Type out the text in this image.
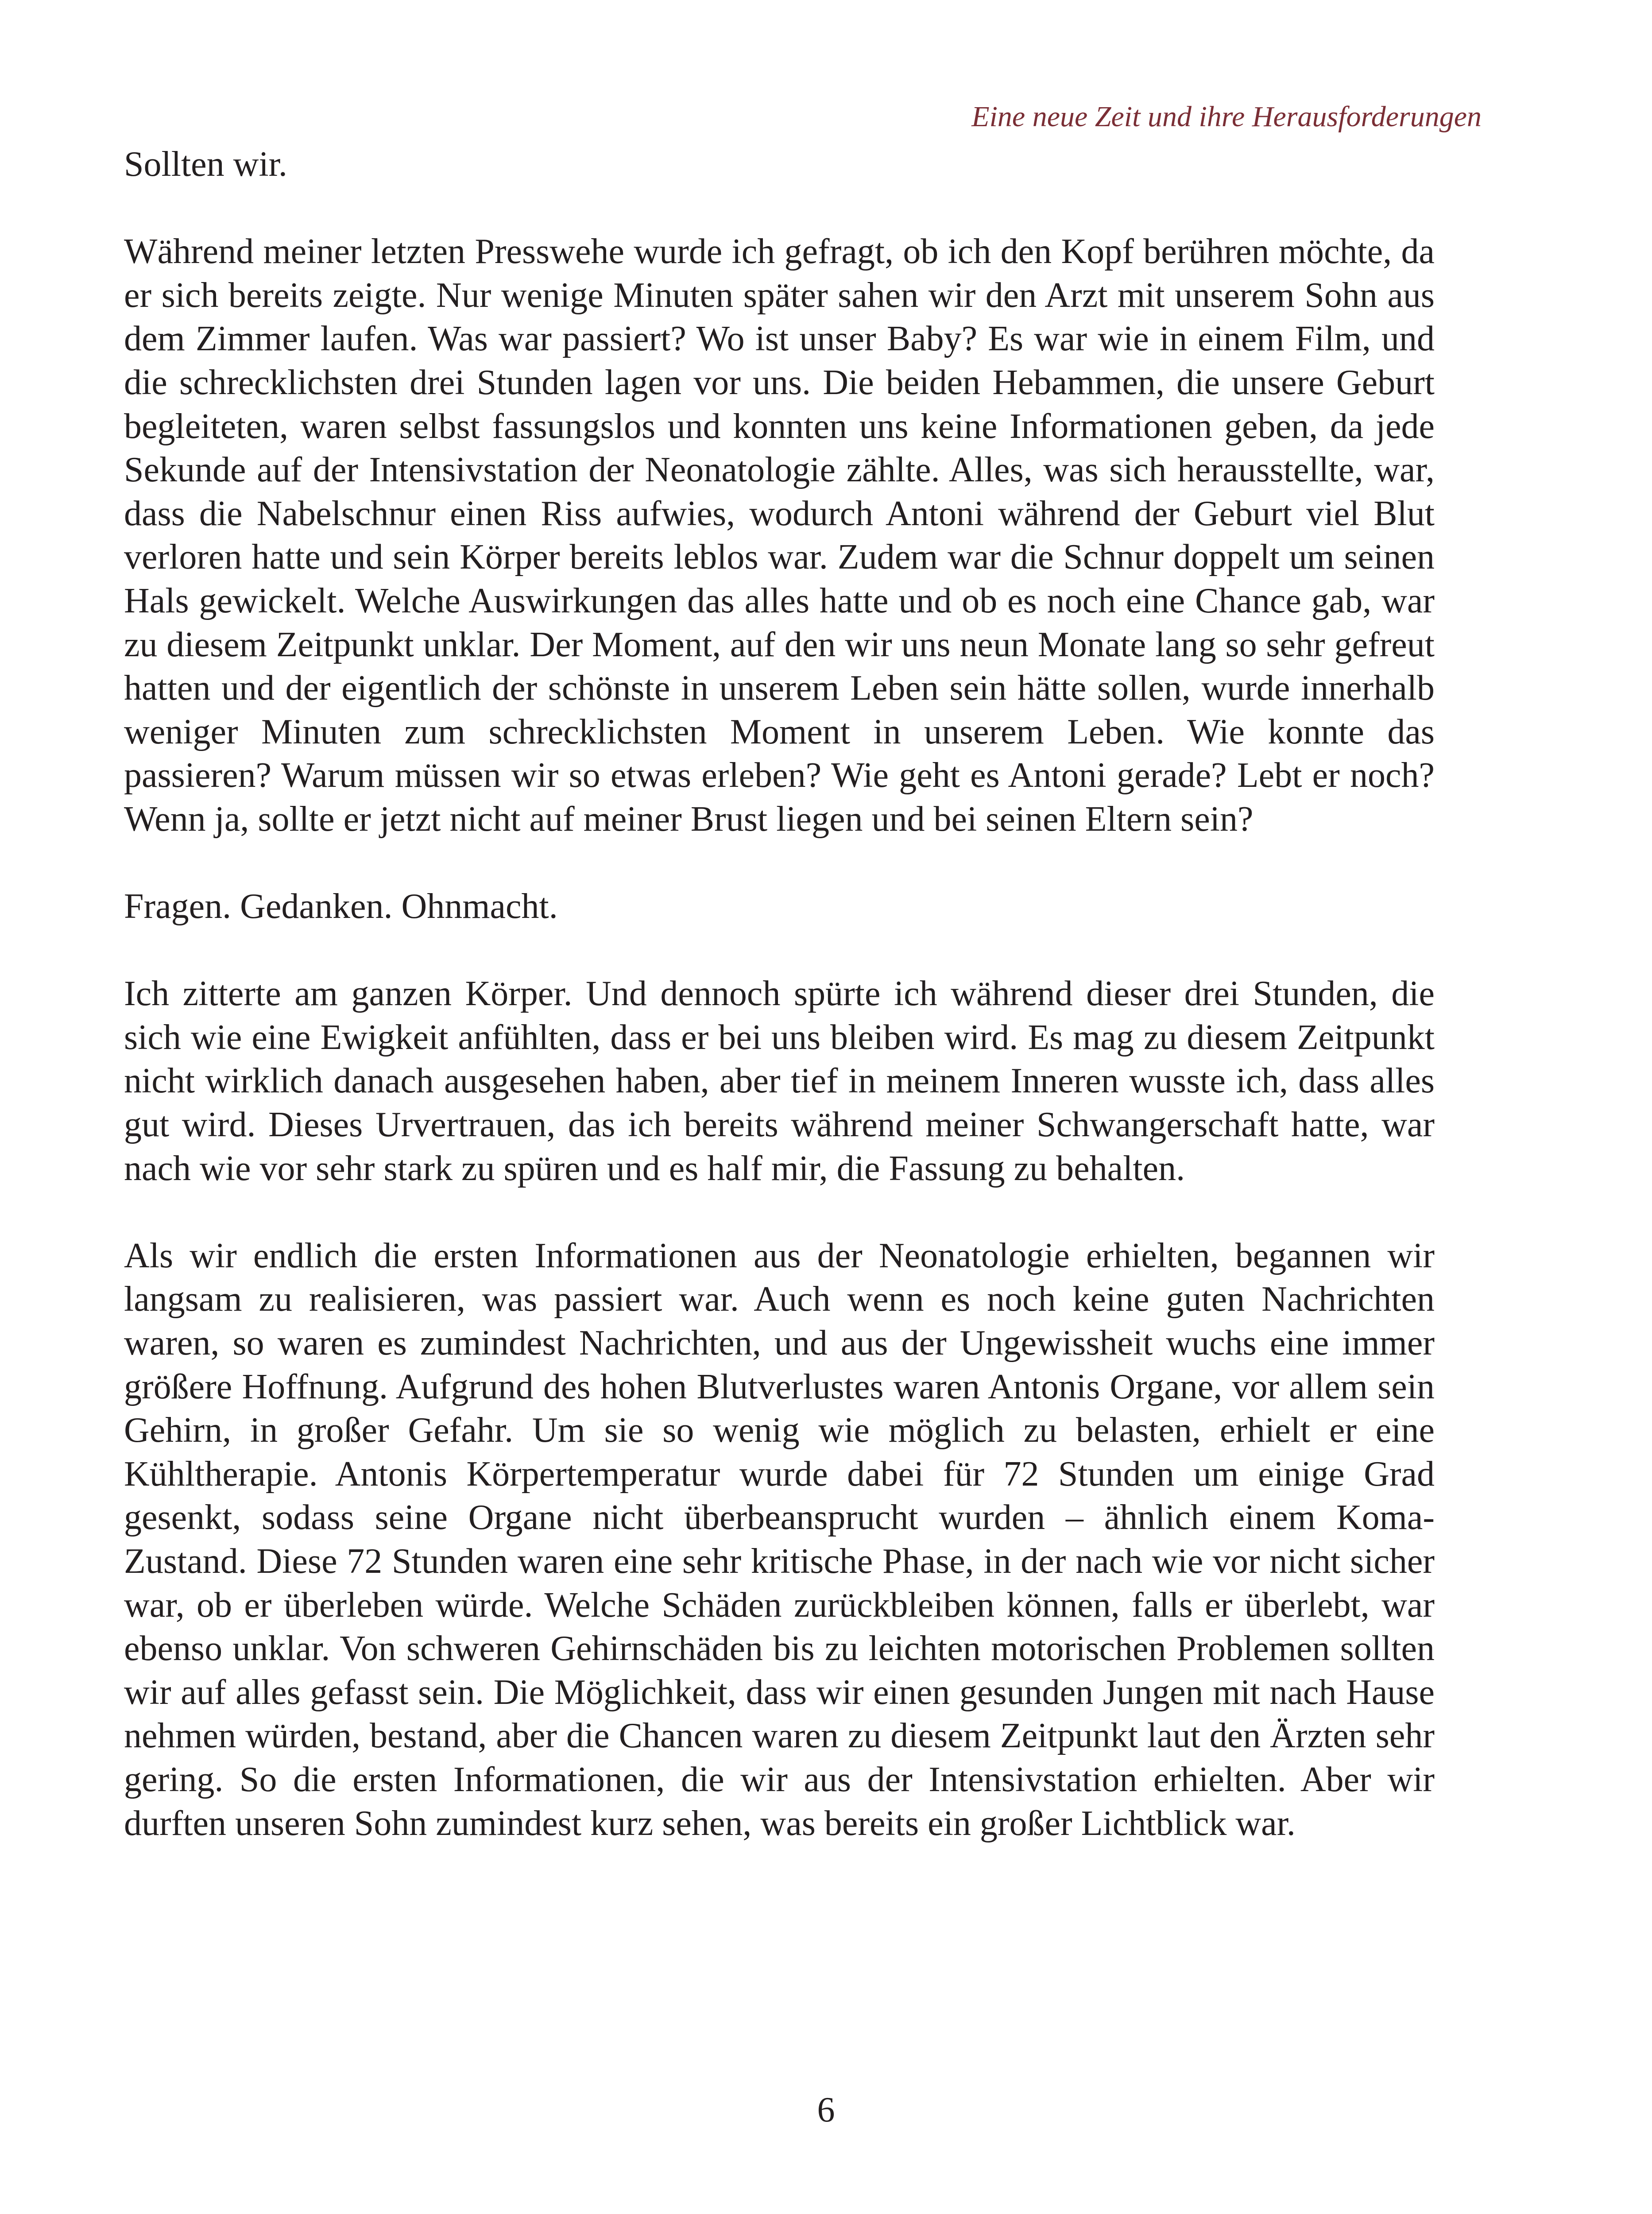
Eine neue Zeit und ihre Herausforderungen

Sollten wir.

Während meiner letzten Presswehe wurde ich gefragt, ob ich den Kopf berühren möchte, da er sich bereits zeigte. Nur wenige Minuten später sahen wir den Arzt mit unserem Sohn aus dem Zimmer laufen. Was war passiert? Wo ist unser Baby? Es war wie in einem Film, und die schrecklichsten drei Stunden lagen vor uns. Die beiden Hebammen, die unsere Geburt begleiteten, waren selbst fassungslos und konnten uns keine Informationen geben, da jede Sekunde auf der Intensivstation der Neonatologie zählte. Alles, was sich herausstellte, war, dass die Nabelschnur einen Riss aufwies, wodurch Antoni während der Geburt viel Blut verloren hatte und sein Körper bereits leblos war. Zudem war die Schnur doppelt um seinen Hals gewickelt. Welche Auswirkungen das alles hatte und ob es noch eine Chance gab, war zu diesem Zeitpunkt unklar. Der Moment, auf den wir uns neun Monate lang so sehr gefreut hatten und der eigentlich der schönste in unserem Leben sein hätte sollen, wurde innerhalb weniger Minuten zum schrecklichsten Moment in unserem Leben. Wie konnte das passieren? Warum müssen wir so etwas erleben? Wie geht es Antoni gerade? Lebt er noch? Wenn ja, sollte er jetzt nicht auf meiner Brust liegen und bei seinen Eltern sein?

Fragen. Gedanken. Ohnmacht.

Ich zitterte am ganzen Körper. Und dennoch spürte ich während dieser drei Stunden, die sich wie eine Ewigkeit anfühlten, dass er bei uns bleiben wird. Es mag zu diesem Zeitpunkt nicht wirklich danach ausgesehen haben, aber tief in meinem Inneren wusste ich, dass alles gut wird. Dieses Urvertrauen, das ich bereits während meiner Schwangerschaft hatte, war nach wie vor sehr stark zu spüren und es half mir, die Fassung zu behalten.

Als wir endlich die ersten Informationen aus der Neonatologie erhielten, begannen wir langsam zu realisieren, was passiert war. Auch wenn es noch keine guten Nachrichten waren, so waren es zumindest Nachrichten, und aus der Ungewissheit wuchs eine immer größere Hoffnung. Aufgrund des hohen Blutverlustes waren Antonis Organe, vor allem sein Gehirn, in großer Gefahr. Um sie so wenig wie möglich zu belasten, erhielt er eine Kühltherapie. Antonis Körpertemperatur wurde dabei für 72 Stunden um einige Grad gesenkt, sodass seine Organe nicht überbeansprucht wurden – ähnlich einem Koma-Zustand. Diese 72 Stunden waren eine sehr kritische Phase, in der nach wie vor nicht sicher war, ob er überleben würde. Welche Schäden zurückbleiben können, falls er überlebt, war ebenso unklar. Von schweren Gehirnschäden bis zu leichten motorischen Problemen sollten wir auf alles gefasst sein. Die Möglichkeit, dass wir einen gesunden Jungen mit nach Hause nehmen würden, bestand, aber die Chancen waren zu diesem Zeitpunkt laut den Ärzten sehr gering. So die ersten Informationen, die wir aus der Intensivstation erhielten. Aber wir durften unseren Sohn zumindest kurz sehen, was bereits ein großer Lichtblick war.

6
